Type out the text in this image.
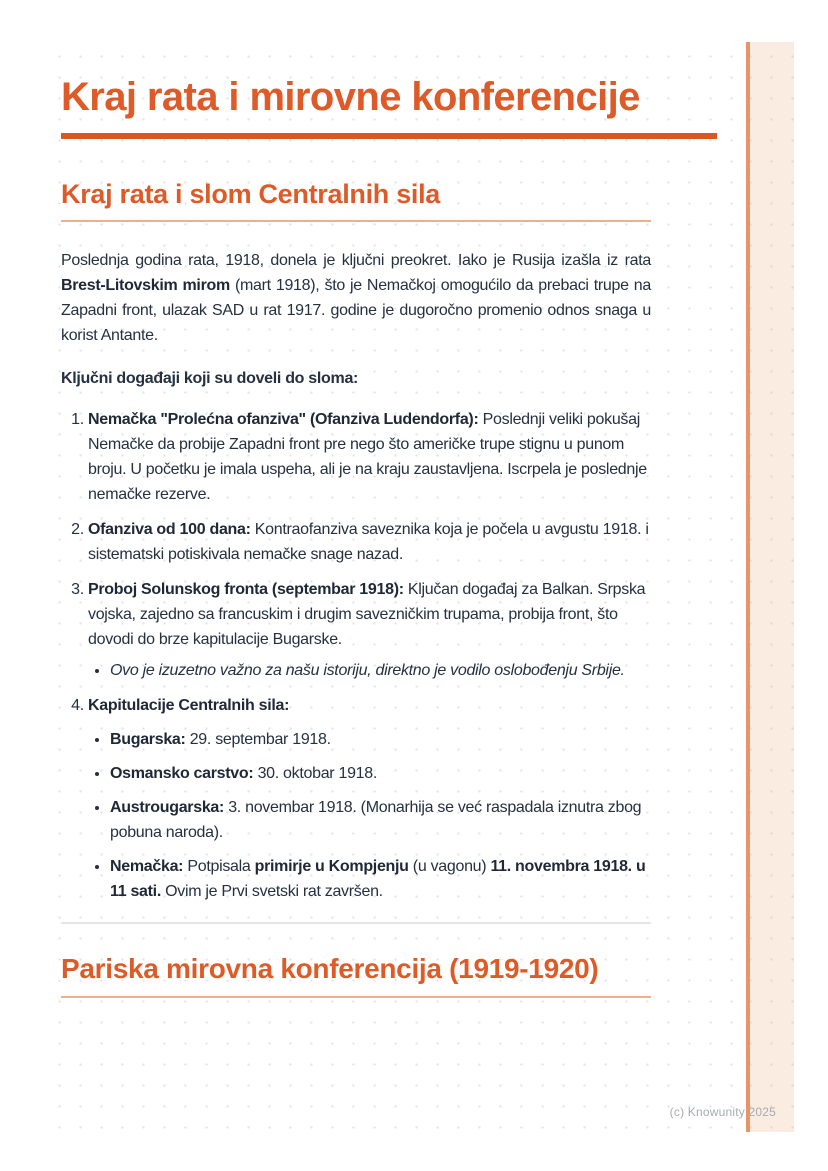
Kraj rata i mirovne konferencije
Kraj rata i slom Centralnih sila

Poslednja godina rata, 1918, donela je ključni preokret. Iako je Rusija izašla iz rata Brest-Litovskim mirom (mart 1918), što je Nemačkoj omogućilo da prebaci trupe na Zapadni front, ulazak SAD u rat 1917. godine je dugoročno promenio odnos snaga u korist Antante.

Ključni događaji koji su doveli do sloma:

1. Nemačka "Prolećna ofanziva" (Ofanziva Ludendorfa): Poslednji veliki pokušaj Nemačke da probije Zapadni front pre nego što američke trupe stignu u punom broju. U početku je imala uspeha, ali je na kraju zaustavljena. Iscrpela je poslednje nemačke rezerve.
2. Ofanziva od 100 dana: Kontraofanziva saveznika koja je počela u avgustu 1918. i sistematski potiskivala nemačke snage nazad.
3. Proboj Solunskog fronta (septembar 1918): Ključan događaj za Balkan. Srpska vojska, zajedno sa francuskim i drugim savezničkim trupama, probija front, što dovodi do brze kapitulacije Bugarske.
• Ovo je izuzetno važno za našu istoriju, direktno je vodilo oslobođenju Srbije.
4. Kapitulacije Centralnih sila:
• Bugarska: 29. septembar 1918.
• Osmansko carstvo: 30. oktobar 1918.
• Austrougarska: 3. novembar 1918. (Monarhija se već raspadala iznutra zbog pobuna naroda).
• Nemačka: Potpisala primirje u Kompjenju (u vagonu) 11. novembra 1918. u 11 sati. Ovim je Prvi svetski rat završen.
Pariska mirovna konferencija (1919-1920)
(c) Knowunity 2025
